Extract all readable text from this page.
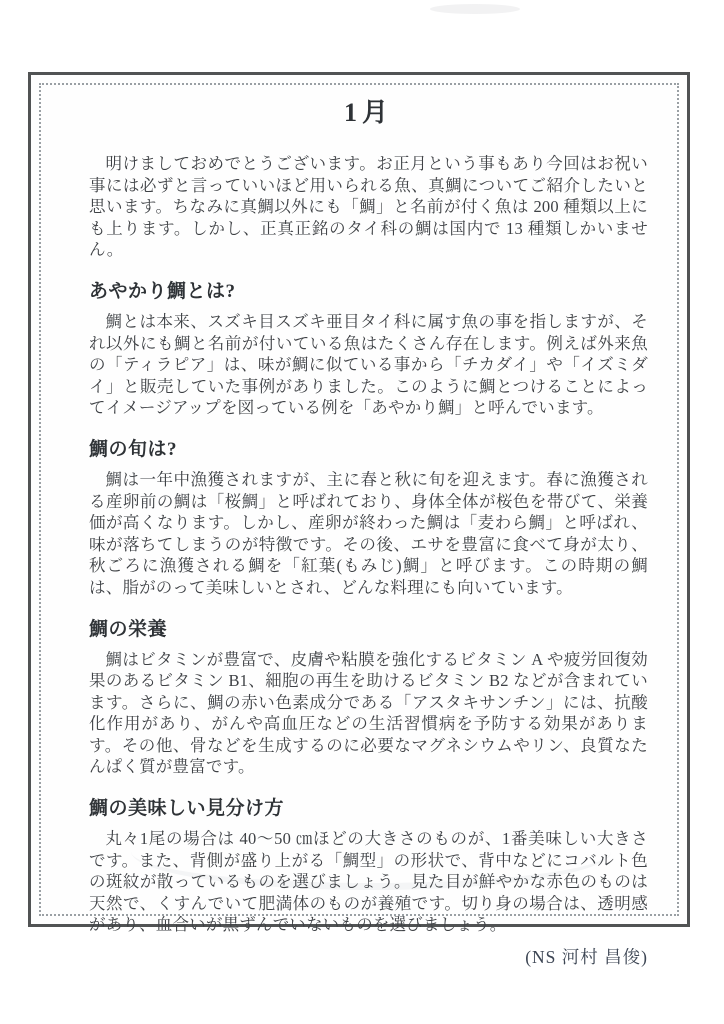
1月

明けましておめでとうございます。お正月という事もあり今回はお祝い事には必ずと言っていいほど用いられる魚、真鯛についてご紹介したいと思います。ちなみに真鯛以外にも「鯛」と名前が付く魚は 200 種類以上にも上ります。しかし、正真正銘のタイ科の鯛は国内で 13 種類しかいません。

あやかり鯛とは?

鯛とは本来、スズキ目スズキ亜目タイ科に属す魚の事を指しますが、それ以外にも鯛と名前が付いている魚はたくさん存在します。例えば外来魚の「ティラピア」は、味が鯛に似ている事から「チカダイ」や「イズミダイ」と販売していた事例がありました。このように鯛とつけることによってイメージアップを図っている例を「あやかり鯛」と呼んでいます。

鯛の旬は?

鯛は一年中漁獲されますが、主に春と秋に旬を迎えます。春に漁獲される産卵前の鯛は「桜鯛」と呼ばれており、身体全体が桜色を帯びて、栄養価が高くなります。しかし、産卵が終わった鯛は「麦わら鯛」と呼ばれ、味が落ちてしまうのが特徴です。その後、エサを豊富に食べて身が太り、秋ごろに漁獲される鯛を「紅葉(もみじ)鯛」と呼びます。この時期の鯛は、脂がのって美味しいとされ、どんな料理にも向いています。

鯛の栄養

鯛はビタミンが豊富で、皮膚や粘膜を強化するビタミン A や疲労回復効果のあるビタミン B1、細胞の再生を助けるビタミン B2 などが含まれています。さらに、鯛の赤い色素成分である「アスタキサンチン」には、抗酸化作用があり、がんや高血圧などの生活習慣病を予防する効果があります。その他、骨などを生成するのに必要なマグネシウムやリン、良質なたんぱく質が豊富です。

鯛の美味しい見分け方

丸々1尾の場合は 40〜50 ㎝ほどの大きさのものが、1番美味しい大きさです。また、背側が盛り上がる「鯛型」の形状で、背中などにコバルト色の斑紋が散っているものを選びましょう。見た目が鮮やかな赤色のものは天然で、くすんでいて肥満体のものが養殖です。切り身の場合は、透明感があり、血合いが黒ずんでいないものを選びましょう。

(NS 河村 昌俊)
